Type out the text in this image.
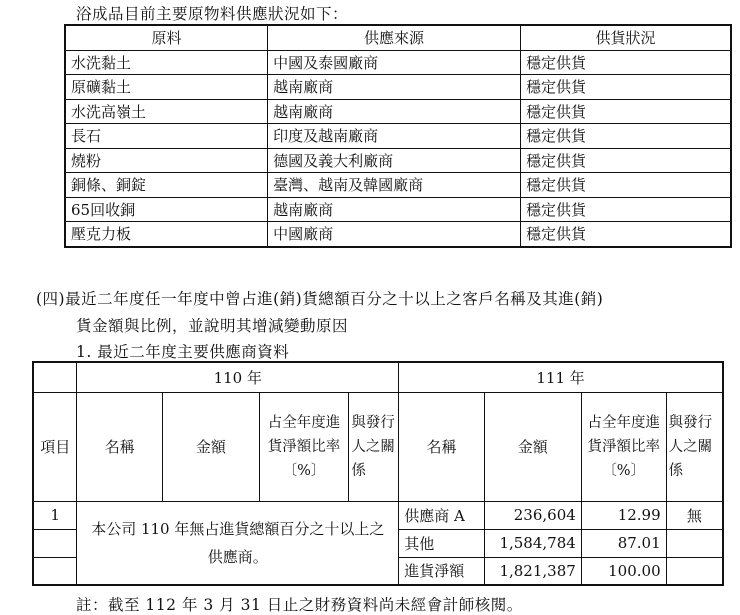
浴成品目前主要原物料供應狀況如下：
原料	供應來源	供貨狀況
水洗黏土	中國及泰國廠商	穩定供貨
原礦黏土	越南廠商	穩定供貨
水洗高嶺土	越南廠商	穩定供貨
長石	印度及越南廠商	穩定供貨
燒粉	德國及義大利廠商	穩定供貨
銅條、銅錠	臺灣、越南及韓國廠商	穩定供貨
65回收銅	越南廠商	穩定供貨
壓克力板	中國廠商	穩定供貨
(四)最近二年度任一年度中曾占進(銷)貨總額百分之十以上之客戶名稱及其進(銷)
貨金額與比例，並說明其增減變動原因
1. 最近二年度主要供應商資料
	110 年				111 年			
項目	名稱	金額	占全年度進貨淨額比率〔%〕	與發行人之關係	名稱	金額	占全年度進貨淨額比率〔%〕	與發行人之關係
1	本公司 110 年無占進貨總額百分之十以上之供應商。				供應商 A	236,604	12.99	無
					其他	1,584,784	87.01	
					進貨淨額	1,821,387	100.00	
註：截至 112 年 3 月 31 日止之財務資料尚未經會計師核閱。
